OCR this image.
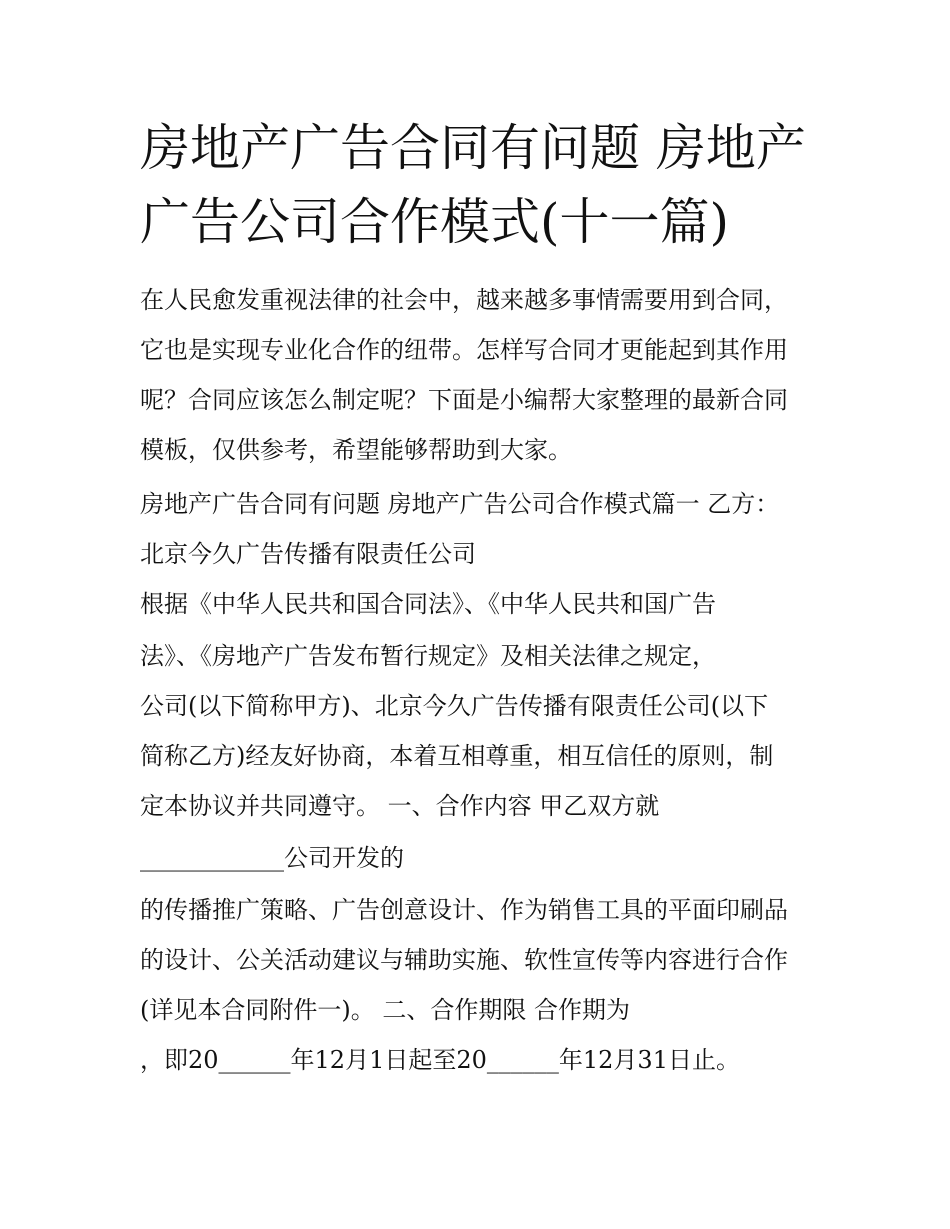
房地产广告合同有问题 房地产
广告公司合作模式(十一篇)
在人民愈发重视法律的社会中，越来越多事情需要用到合同，
它也是实现专业化合作的纽带。怎样写合同才更能起到其作用
呢？合同应该怎么制定呢？下面是小编帮大家整理的最新合同
模板，仅供参考，希望能够帮助到大家。
房地产广告合同有问题 房地产广告公司合作模式篇一 乙方：
北京今久广告传播有限责任公司
根据《中华人民共和国合同法》、《中华人民共和国广告
法》、《房地产广告发布暂行规定》及相关法律之规定，
公司(以下简称甲方)、北京今久广告传播有限责任公司(以下
简称乙方)经友好协商，本着互相尊重，相互信任的原则，制
定本协议并共同遵守。 一、合作内容 甲乙双方就
____________公司开发的
的传播推广策略、广告创意设计、作为销售工具的平面印刷品
的设计、公关活动建议与辅助实施、软性宣传等内容进行合作
(详见本合同附件一)。 二、合作期限 合作期为
，即20______年12月1日起至20______年12月31日止。
